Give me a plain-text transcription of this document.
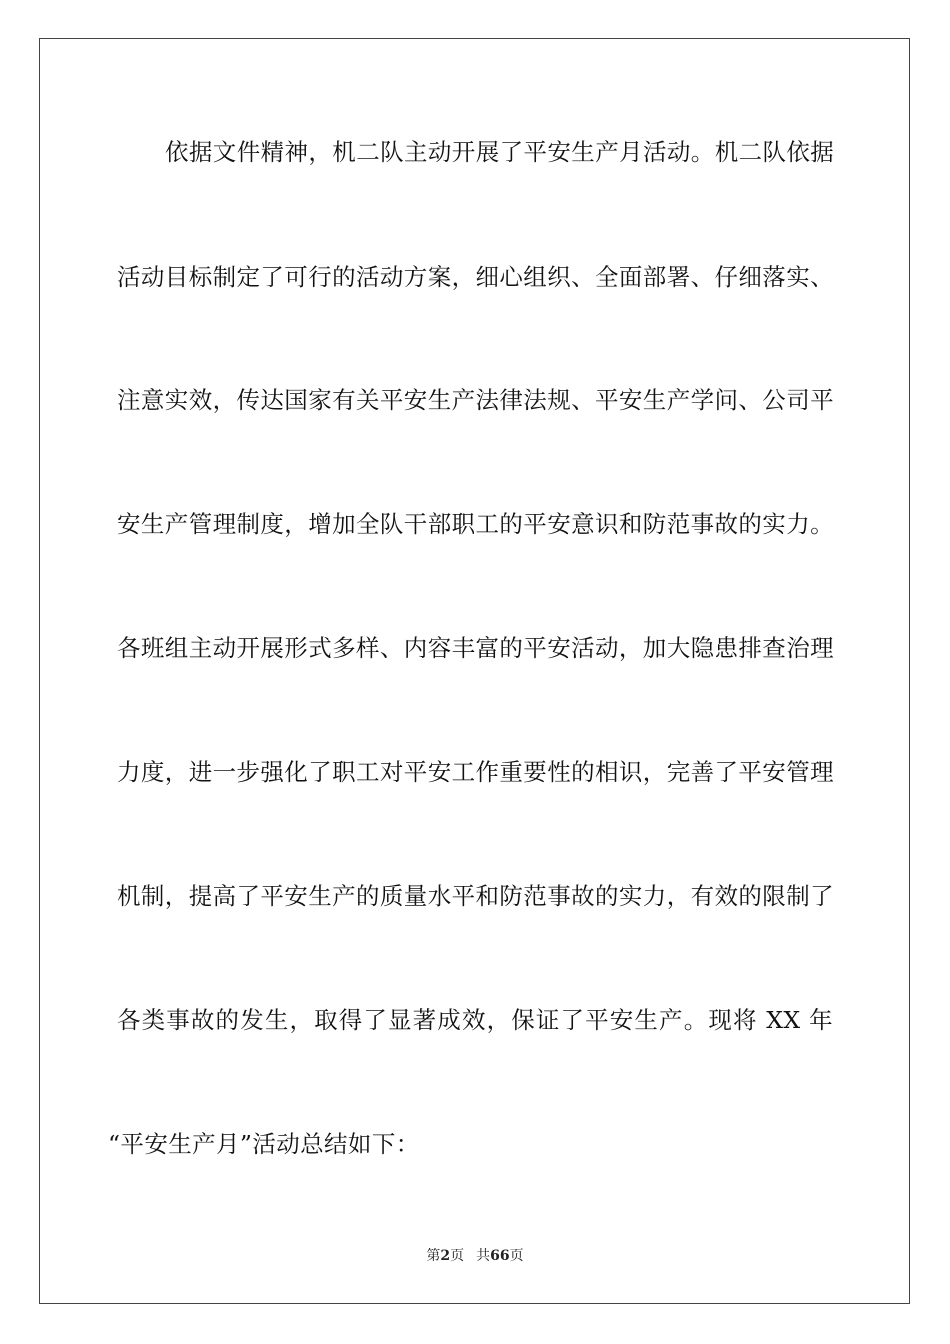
依据文件精神，机二队主动开展了平安生产月活动。机二队依据
活动目标制定了可行的活动方案，细心组织、全面部署、仔细落实、
注意实效，传达国家有关平安生产法律法规、平安生产学问、公司平
安生产管理制度，增加全队干部职工的平安意识和防范事故的实力。
各班组主动开展形式多样、内容丰富的平安活动，加大隐患排查治理
力度，进一步强化了职工对平安工作重要性的相识，完善了平安管理
机制，提高了平安生产的质量水平和防范事故的实力，有效的限制了
各类事故的发生，取得了显著成效，保证了平安生产。现将 XX 年
“平安生产月”活动总结如下：
第2页 共66页
